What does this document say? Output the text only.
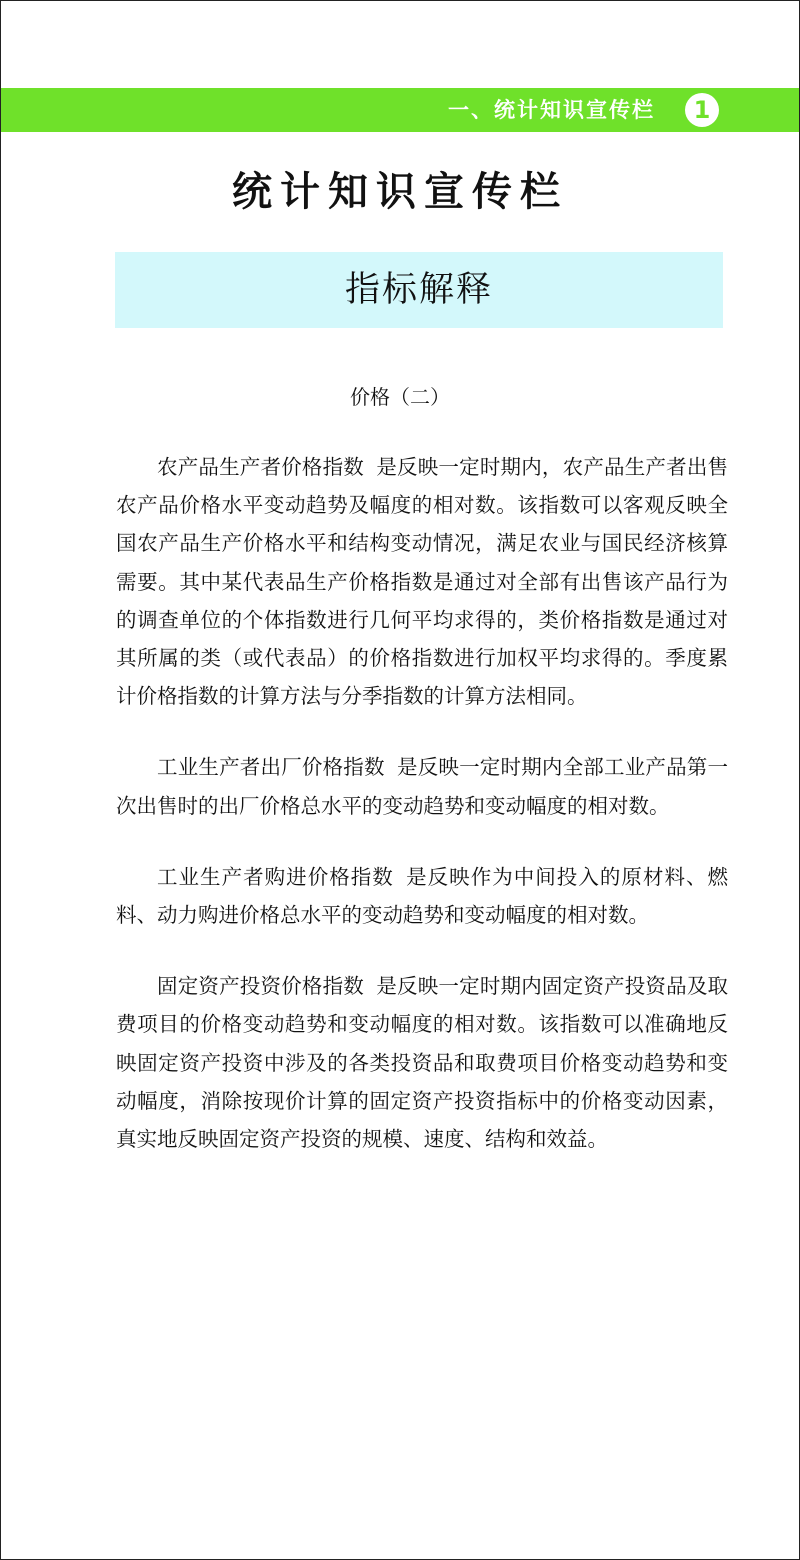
一、统计知识宣传栏	1
统计知识宣传栏
指标解释
价格（二）

农产品生产者价格指数 是反映一定时期内，农产品生产者出售农产品价格水平变动趋势及幅度的相对数。该指数可以客观反映全国农产品生产价格水平和结构变动情况，满足农业与国民经济核算需要。其中某代表品生产价格指数是通过对全部有出售该产品行为的调查单位的个体指数进行几何平均求得的，类价格指数是通过对其所属的类（或代表品）的价格指数进行加权平均求得的。季度累计价格指数的计算方法与分季指数的计算方法相同。

工业生产者出厂价格指数 是反映一定时期内全部工业产品第一次出售时的出厂价格总水平的变动趋势和变动幅度的相对数。

工业生产者购进价格指数 是反映作为中间投入的原材料、燃料、动力购进价格总水平的变动趋势和变动幅度的相对数。

固定资产投资价格指数 是反映一定时期内固定资产投资品及取费项目的价格变动趋势和变动幅度的相对数。该指数可以准确地反映固定资产投资中涉及的各类投资品和取费项目价格变动趋势和变动幅度，消除按现价计算的固定资产投资指标中的价格变动因素，真实地反映固定资产投资的规模、速度、结构和效益。
